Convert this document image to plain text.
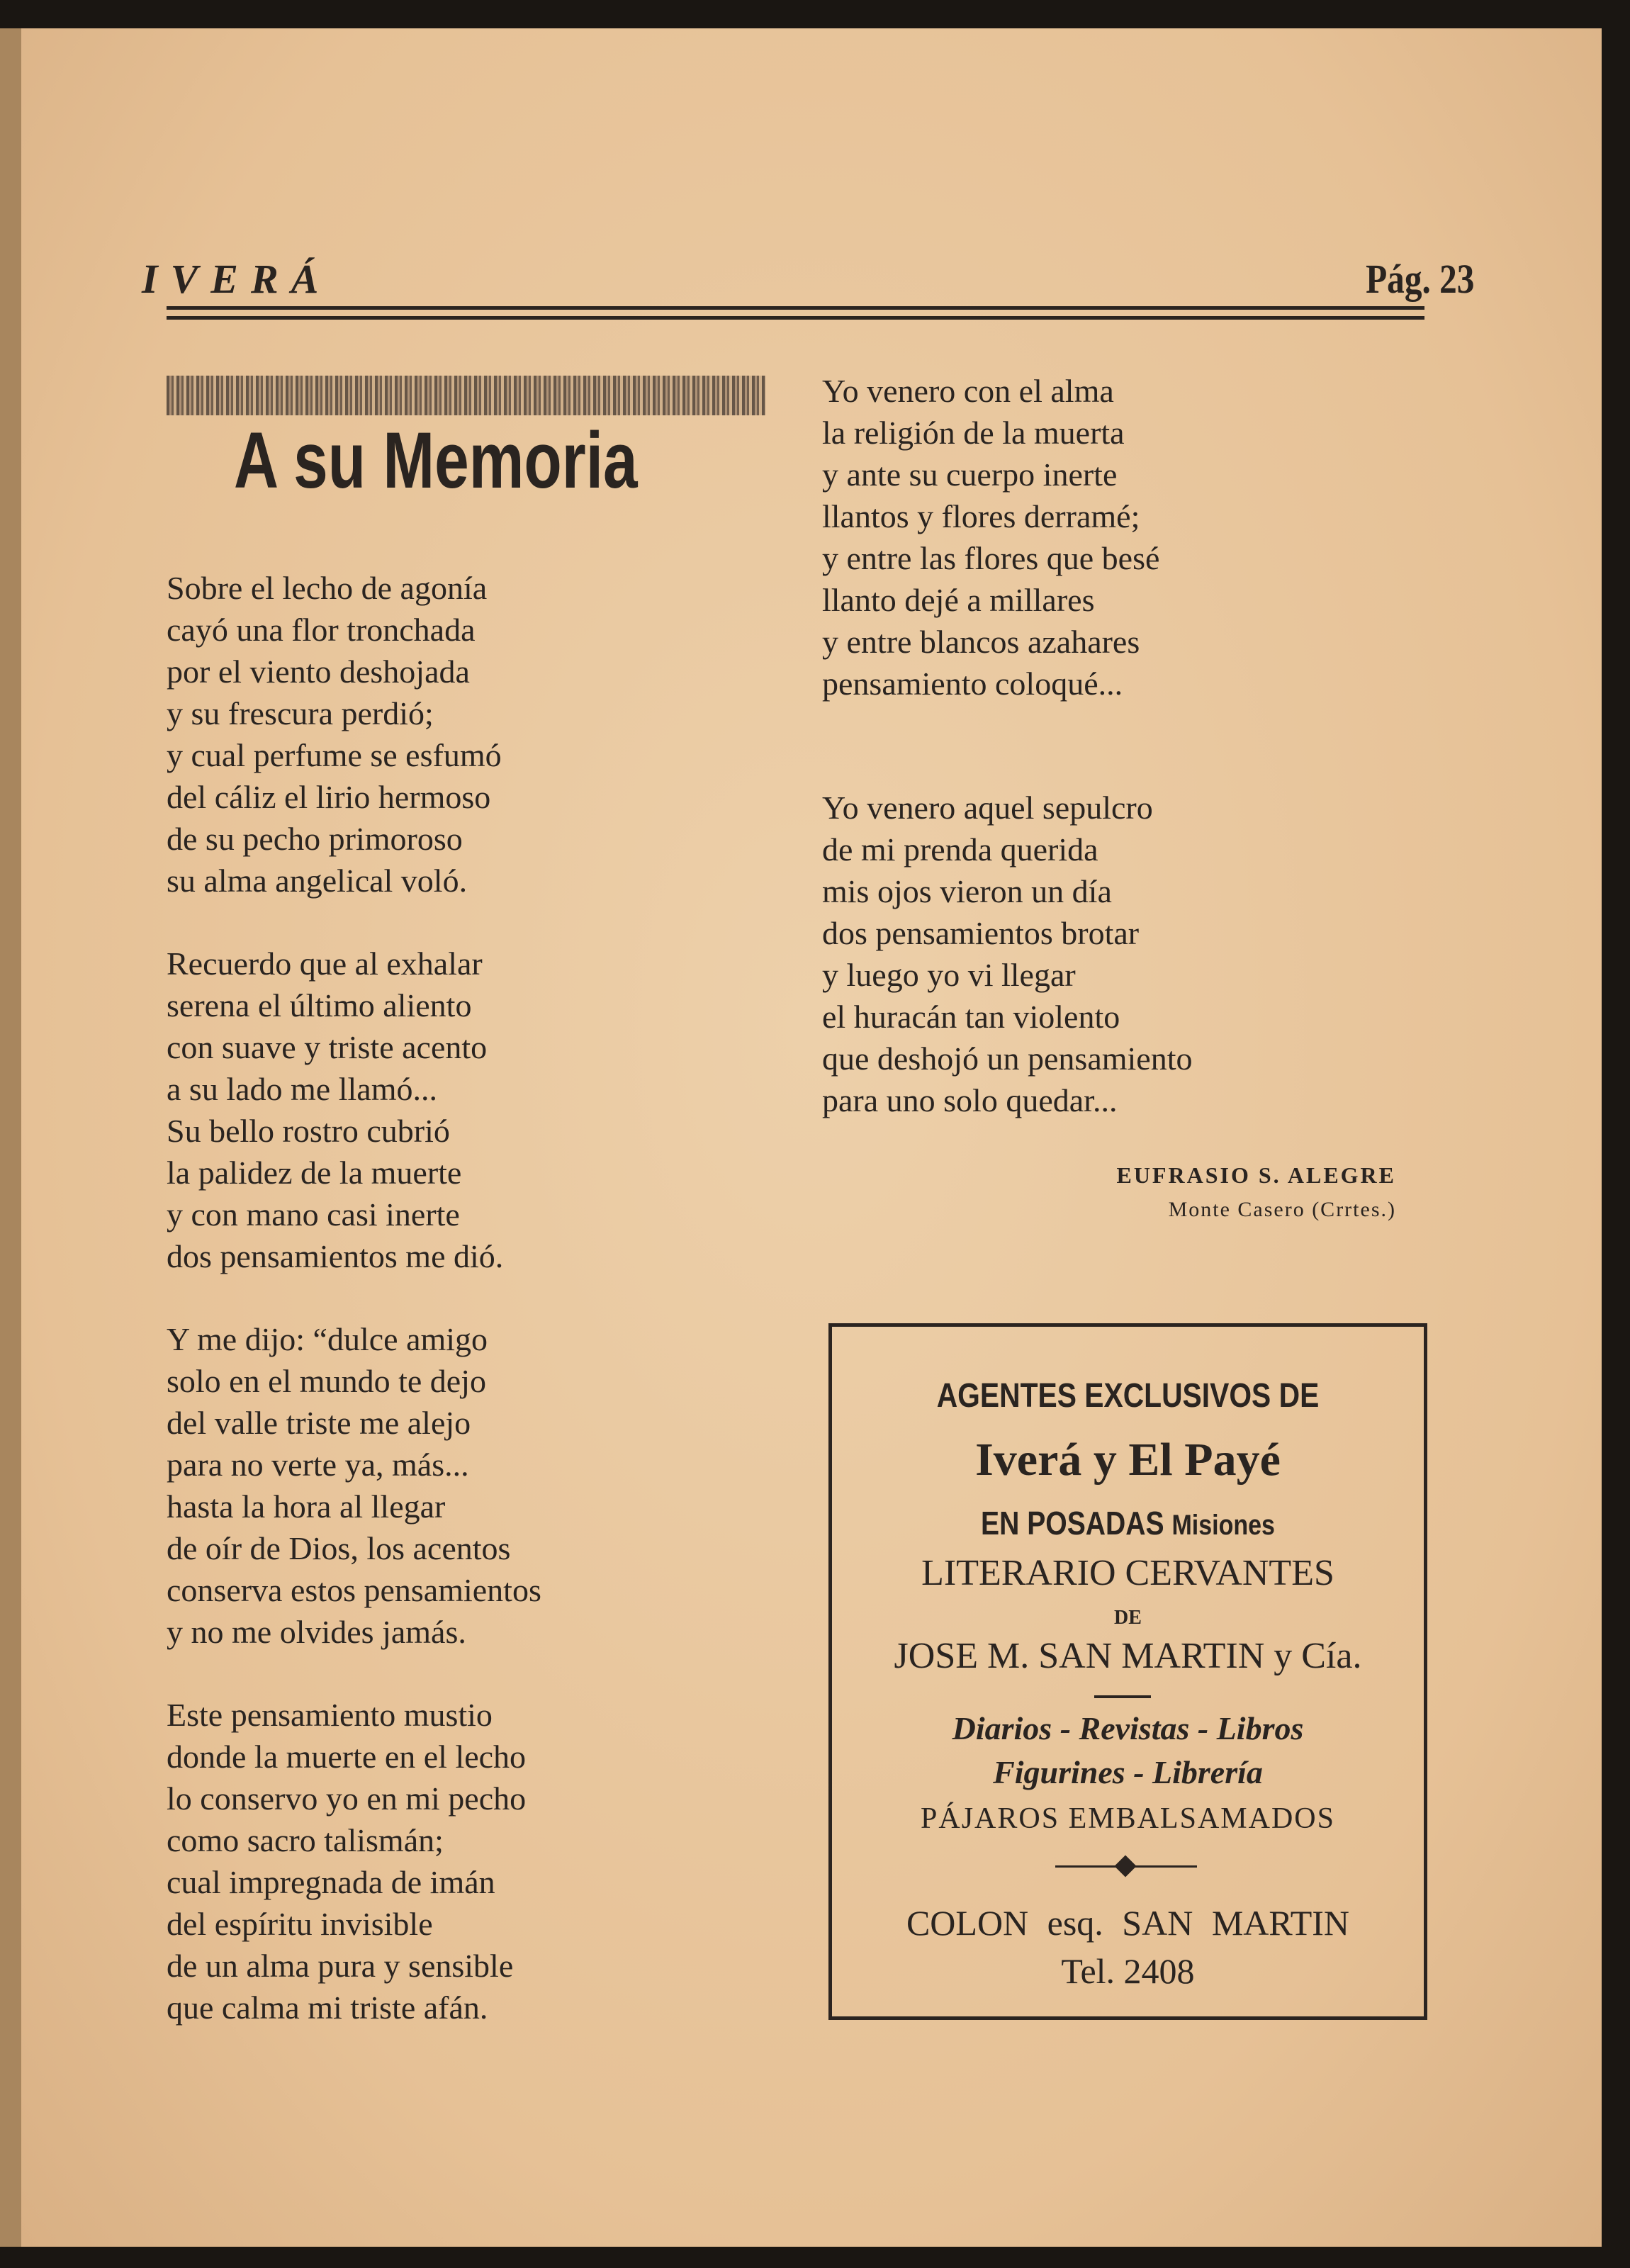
IVERÁ	Pág. 23
A su Memoria
Sobre el lecho de agonía
cayó una flor tronchada
por el viento deshojada
y su frescura perdió;
y cual perfume se esfumó
del cáliz el lirio hermoso
de su pecho primoroso
su alma angelical voló.
Recuerdo que al exhalar
serena el último aliento
con suave y triste acento
a su lado me llamó...
Su bello rostro cubrió
la palidez de la muerte
y con mano casi inerte
dos pensamientos me dió.
Y me dijo: “dulce amigo
solo en el mundo te dejo
del valle triste me alejo
para no verte ya, más...
hasta la hora al llegar
de oír de Dios, los acentos
conserva estos pensamientos
y no me olvides jamás.
Este pensamiento mustio
donde la muerte en el lecho
lo conservo yo en mi pecho
como sacro talismán;
cual impregnada de imán
del espíritu invisible
de un alma pura y sensible
que calma mi triste afán.
Yo venero con el alma
la religión de la muerta
y ante su cuerpo inerte
llantos y flores derramé;
y entre las flores que besé
llanto dejé a millares
y entre blancos azahares
pensamiento coloqué...
Yo venero aquel sepulcro
de mi prenda querida
mis ojos vieron un día
dos pensamientos brotar
y luego yo vi llegar
el huracán tan violento
que deshojó un pensamiento
para uno solo quedar...
EUFRASIO S. ALEGRE
Monte Casero (Crrtes.)
AGENTES EXCLUSIVOS DE
Iverá y El Payé
EN POSADAS Misiones
LITERARIO CERVANTES
DE
JOSE M. SAN MARTIN y Cía.
Diarios - Revistas - Libros
Figurines - Librería
PÁJAROS EMBALSAMADOS
COLON esq. SAN MARTIN
Tel. 2408
